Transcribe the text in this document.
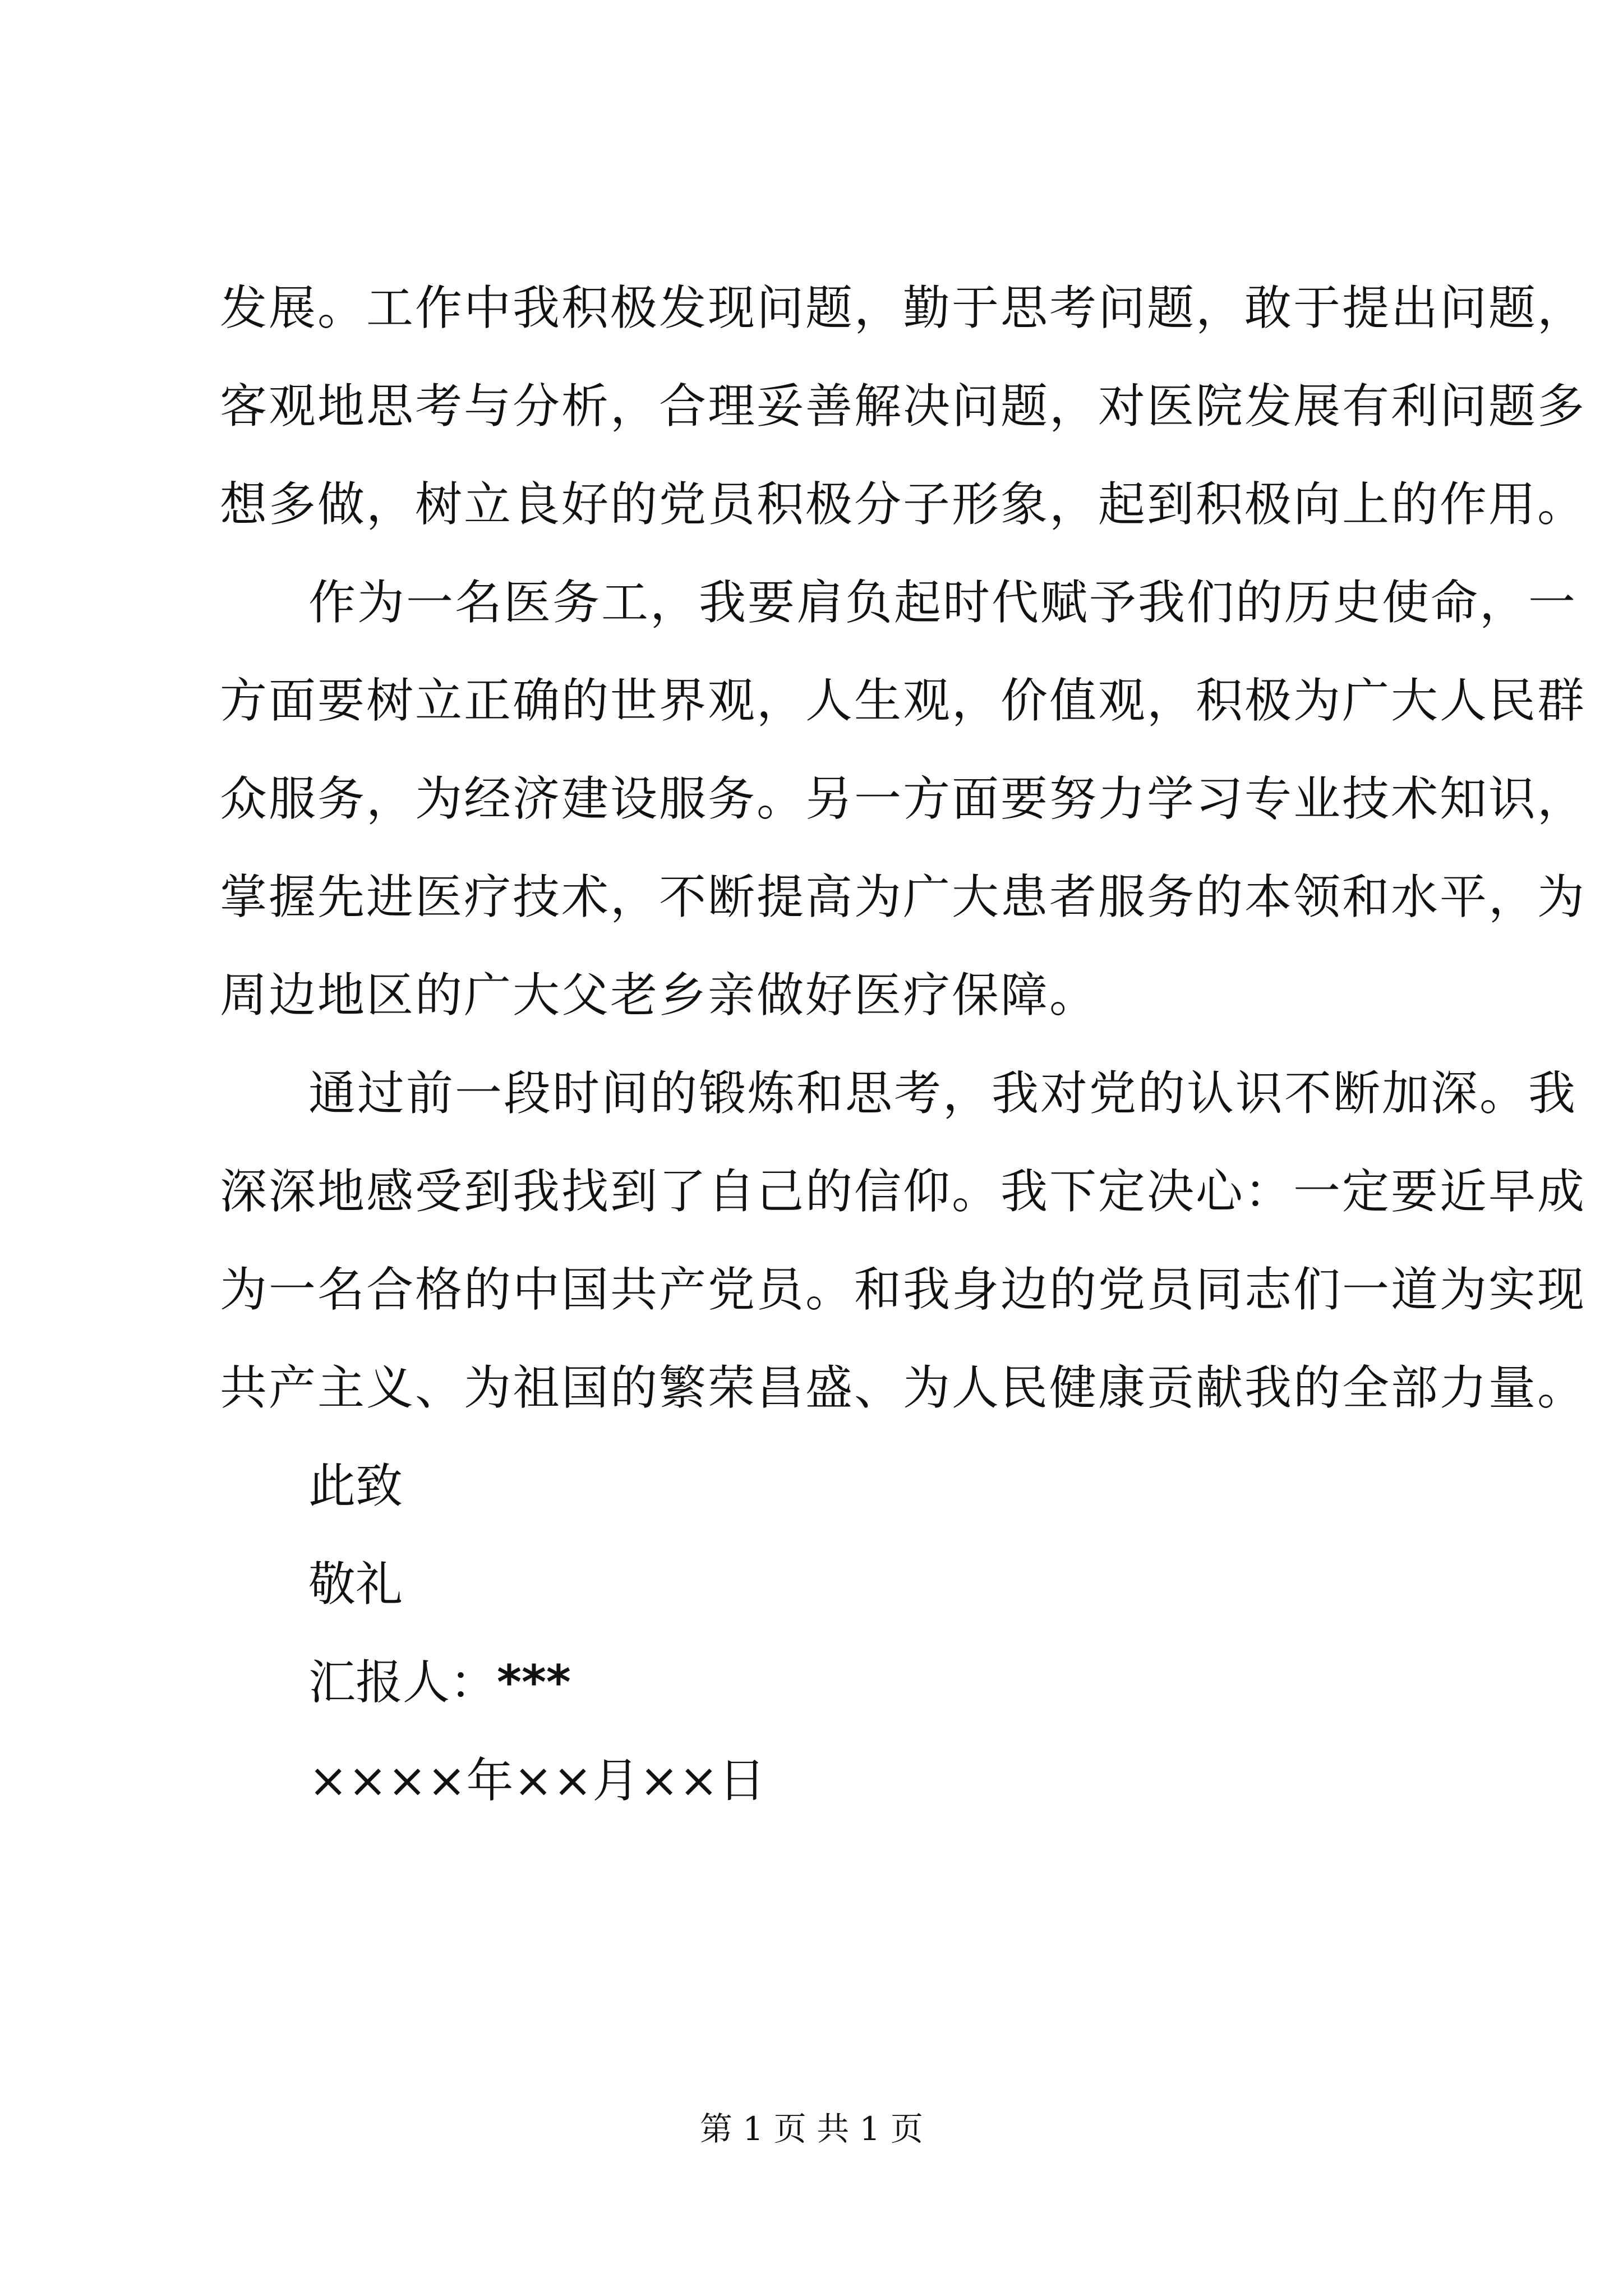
发展。工作中我积极发现问题，勤于思考问题，敢于提出问题，
客观地思考与分析，合理妥善解决问题，对医院发展有利问题多
想多做，树立良好的党员积极分子形象，起到积极向上的作用。
作为一名医务工，我要肩负起时代赋予我们的历史使命，一
方面要树立正确的世界观，人生观，价值观，积极为广大人民群
众服务，为经济建设服务。另一方面要努力学习专业技术知识，
掌握先进医疗技术，不断提高为广大患者服务的本领和水平，为
周边地区的广大父老乡亲做好医疗保障。
通过前一段时间的锻炼和思考，我对党的认识不断加深。我
深深地感受到我找到了自己的信仰。我下定决心：一定要近早成
为一名合格的中国共产党员。和我身边的党员同志们一道为实现
共产主义、为祖国的繁荣昌盛、为人民健康贡献我的全部力量。
此致
敬礼
汇报人：***
××××年××月××日
第 1 页 共 1 页
